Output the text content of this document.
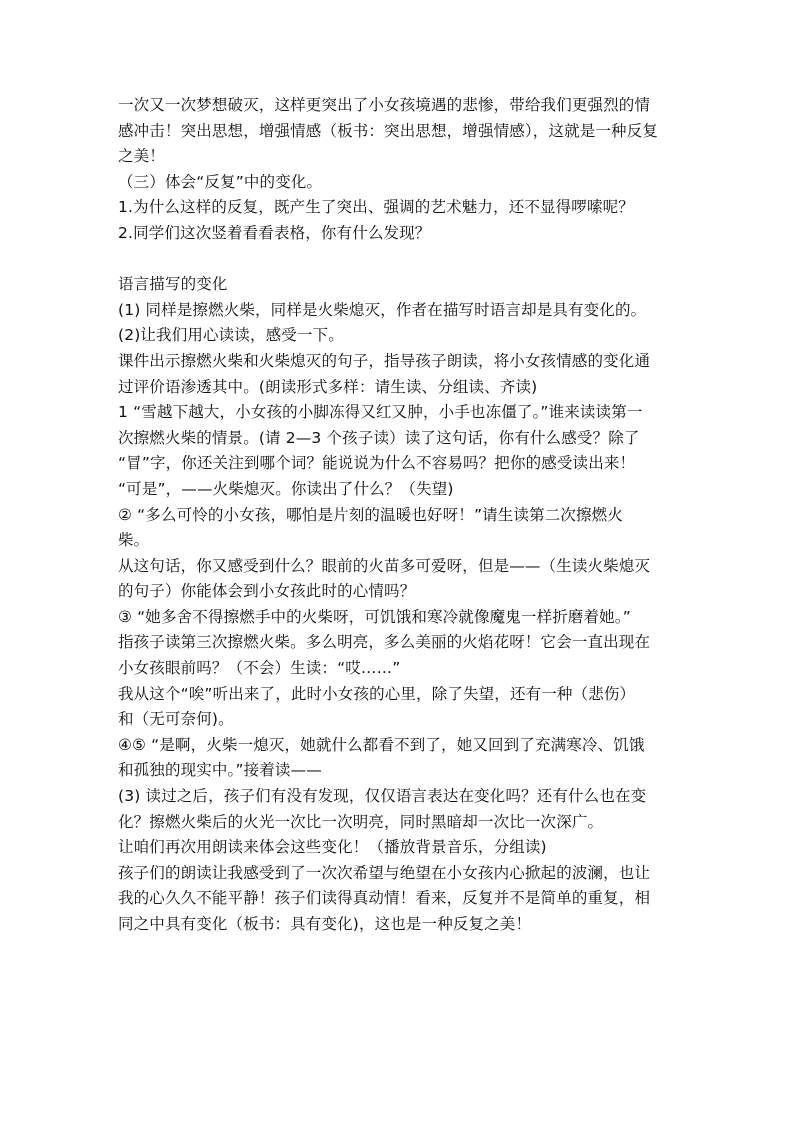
一次又一次梦想破灭，这样更突出了小女孩境遇的悲惨，带给我们更强烈的情
感冲击！突出思想，增强情感（板书：突出思想，增强情感），这就是一种反复
之美！
（三）体会“反复”中的变化。
1.为什么这样的反复，既产生了突出、强调的艺术魅力，还不显得啰嗦呢？
2.同学们这次竖着看看表格，你有什么发现？
语言描写的变化
(1) 同样是擦燃火柴，同样是火柴熄灭，作者在描写时语言却是具有变化的。
(2)让我们用心读读，感受一下。
课件出示擦燃火柴和火柴熄灭的句子，指导孩子朗读，将小女孩情感的变化通
过评价语渗透其中。(朗读形式多样：请生读、分组读、齐读)
1 “雪越下越大，小女孩的小脚冻得又红又肿，小手也冻僵了。”谁来读读第一
次擦燃火柴的情景。(请 2—3 个孩子读）读了这句话，你有什么感受？除了
“冒”字，你还关注到哪个词？能说说为什么不容易吗？把你的感受读出来！
“可是”，——火柴熄灭。你读出了什么？（失望)
② “多么可怜的小女孩，哪怕是片刻的温暖也好呀！”请生读第二次擦燃火
柴。
从这句话，你又感受到什么？眼前的火苗多可爱呀，但是——（生读火柴熄灭
的句子）你能体会到小女孩此时的心情吗？
③ “她多舍不得擦燃手中的火柴呀，可饥饿和寒冷就像魔鬼一样折磨着她。”
指孩子读第三次擦燃火柴。多么明亮，多么美丽的火焰花呀！它会一直出现在
小女孩眼前吗？（不会）生读：“哎……”
我从这个“唉”听出来了，此时小女孩的心里，除了失望，还有一种（悲伤）
和（无可奈何)。
④⑤ “是啊，火柴一熄灭，她就什么都看不到了，她又回到了充满寒冷、饥饿
和孤独的现实中。”接着读——
(3) 读过之后，孩子们有没有发现，仅仅语言表达在变化吗？还有什么也在变
化？擦燃火柴后的火光一次比一次明亮，同时黑暗却一次比一次深广。
让咱们再次用朗读来体会这些变化！（播放背景音乐，分组读)
孩子们的朗读让我感受到了一次次希望与绝望在小女孩内心掀起的波澜，也让
我的心久久不能平静！孩子们读得真动情！看来，反复并不是简单的重复，相
同之中具有变化（板书：具有变化)，这也是一种反复之美！
